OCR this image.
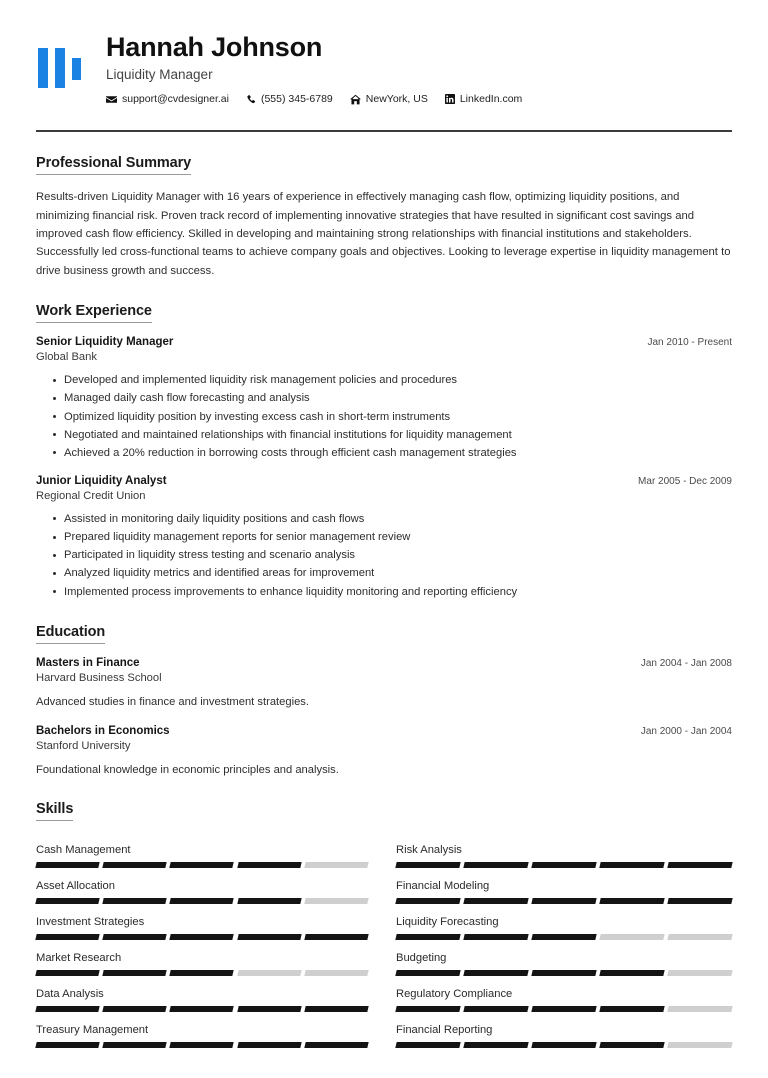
Hannah Johnson
Liquidity Manager
support@cvdesigner.ai	(555) 345-6789	NewYork, US	LinkedIn.com
Professional Summary

Results-driven Liquidity Manager with 16 years of experience in effectively managing cash flow, optimizing liquidity positions, and minimizing financial risk. Proven track record of implementing innovative strategies that have resulted in significant cost savings and improved cash flow efficiency. Skilled in developing and maintaining strong relationships with financial institutions and stakeholders. Successfully led cross-functional teams to achieve company goals and objectives. Looking to leverage expertise in liquidity management to drive business growth and success.

Work Experience
Senior Liquidity Manager	Jan 2010 - Present
Global Bank
Developed and implemented liquidity risk management policies and procedures
Managed daily cash flow forecasting and analysis
Optimized liquidity position by investing excess cash in short-term instruments
Negotiated and maintained relationships with financial institutions for liquidity management
Achieved a 20% reduction in borrowing costs through efficient cash management strategies
Junior Liquidity Analyst	Mar 2005 - Dec 2009
Regional Credit Union
Assisted in monitoring daily liquidity positions and cash flows
Prepared liquidity management reports for senior management review
Participated in liquidity stress testing and scenario analysis
Analyzed liquidity metrics and identified areas for improvement
Implemented process improvements to enhance liquidity monitoring and reporting efficiency
Education
Masters in Finance	Jan 2004 - Jan 2008
Harvard Business School
Advanced studies in finance and investment strategies.
Bachelors in Economics	Jan 2000 - Jan 2004
Stanford University
Foundational knowledge in economic principles and analysis.
Skills
Cash Management	Risk Analysis
Asset Allocation	Financial Modeling
Investment Strategies	Liquidity Forecasting
Market Research	Budgeting
Data Analysis	Regulatory Compliance
Treasury Management	Financial Reporting
